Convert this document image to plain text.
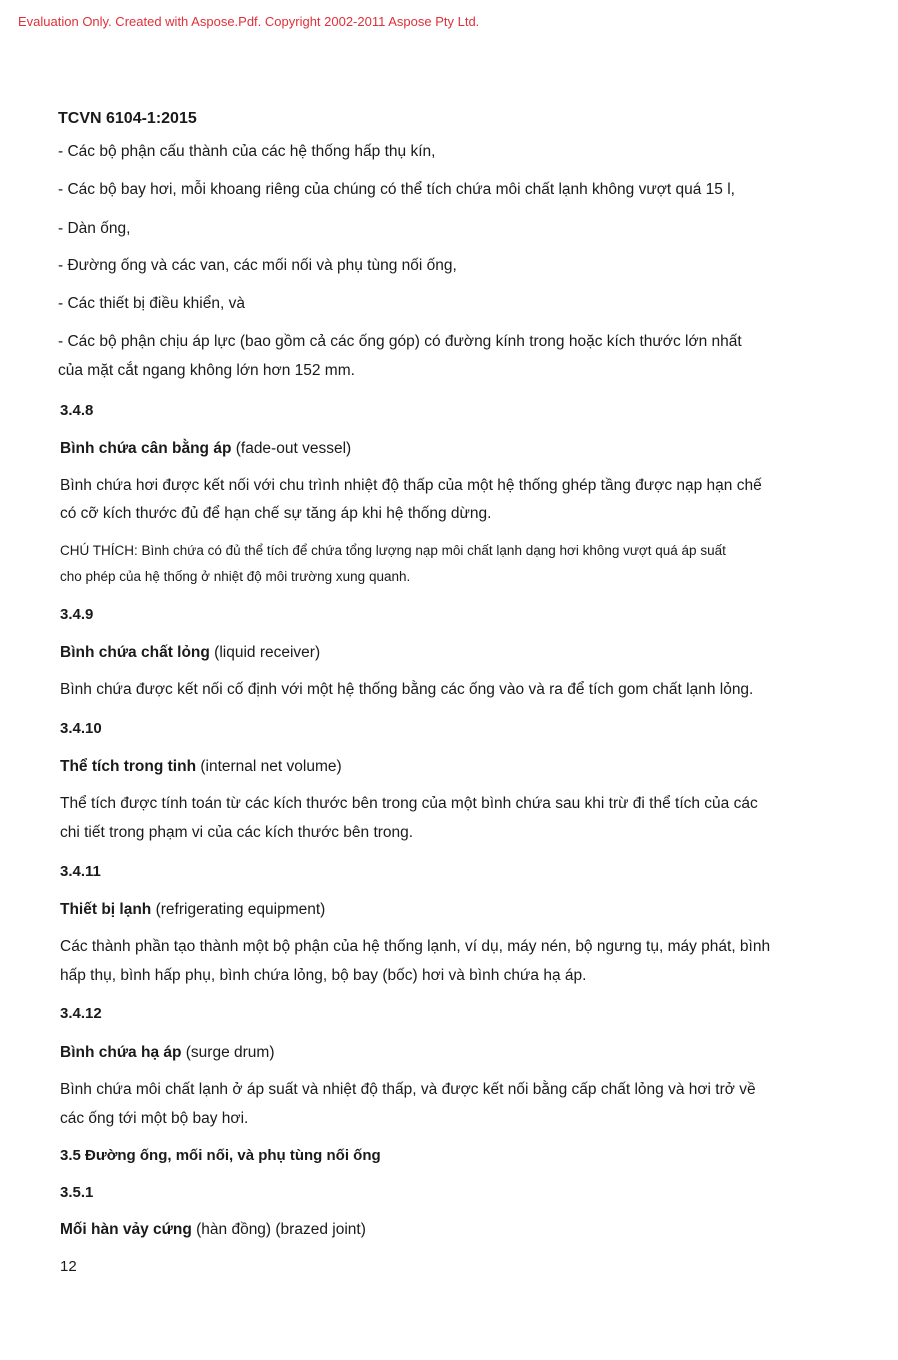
Evaluation Only. Created with Aspose.Pdf. Copyright 2002-2011 Aspose Pty Ltd.
TCVN 6104-1:2015
- Các bộ phận cấu thành của các hệ thống hấp thụ kín,
- Các bộ bay hơi, mỗi khoang riêng của chúng có thể tích chứa môi chất lạnh không vượt quá 15 l,
- Dàn ống,
- Đường ống và các van, các mối nối và phụ tùng nối ống,
- Các thiết bị điều khiển, và
- Các bộ phận chịu áp lực (bao gồm cả các ống góp) có đường kính trong hoặc kích thước lớn nhất
của mặt cắt ngang không lớn hơn 152 mm.
3.4.8
Bình chứa cân bằng áp (fade-out vessel)
Bình chứa hơi được kết nối với chu trình nhiệt độ thấp của một hệ thống ghép tầng được nạp hạn chế
có cỡ kích thước đủ để hạn chế sự tăng áp khi hệ thống dừng.
CHÚ THÍCH: Bình chứa có đủ thể tích để chứa tổng lượng nạp môi chất lạnh dạng hơi không vượt quá áp suất
cho phép của hệ thống ở nhiệt độ môi trường xung quanh.
3.4.9
Bình chứa chất lỏng (liquid receiver)
Bình chứa được kết nối cố định với một hệ thống bằng các ống vào và ra để tích gom chất lạnh lỏng.
3.4.10
Thể tích trong tinh (internal net volume)
Thể tích được tính toán từ các kích thước bên trong của một bình chứa sau khi trừ đi thể tích của các
chi tiết trong phạm vi của các kích thước bên trong.
3.4.11
Thiết bị lạnh (refrigerating equipment)
Các thành phần tạo thành một bộ phận của hệ thống lạnh, ví dụ, máy nén, bộ ngưng tụ, máy phát, bình
hấp thụ, bình hấp phụ, bình chứa lỏng, bộ bay (bốc) hơi và bình chứa hạ áp.
3.4.12
Bình chứa hạ áp (surge drum)
Bình chứa môi chất lạnh ở áp suất và nhiệt độ thấp, và được kết nối bằng cấp chất lỏng và hơi trở về
các ống tới một bộ bay hơi.
3.5 Đường ống, mối nối, và phụ tùng nối ống
3.5.1
Mối hàn vảy cứng (hàn đồng) (brazed joint)
12
